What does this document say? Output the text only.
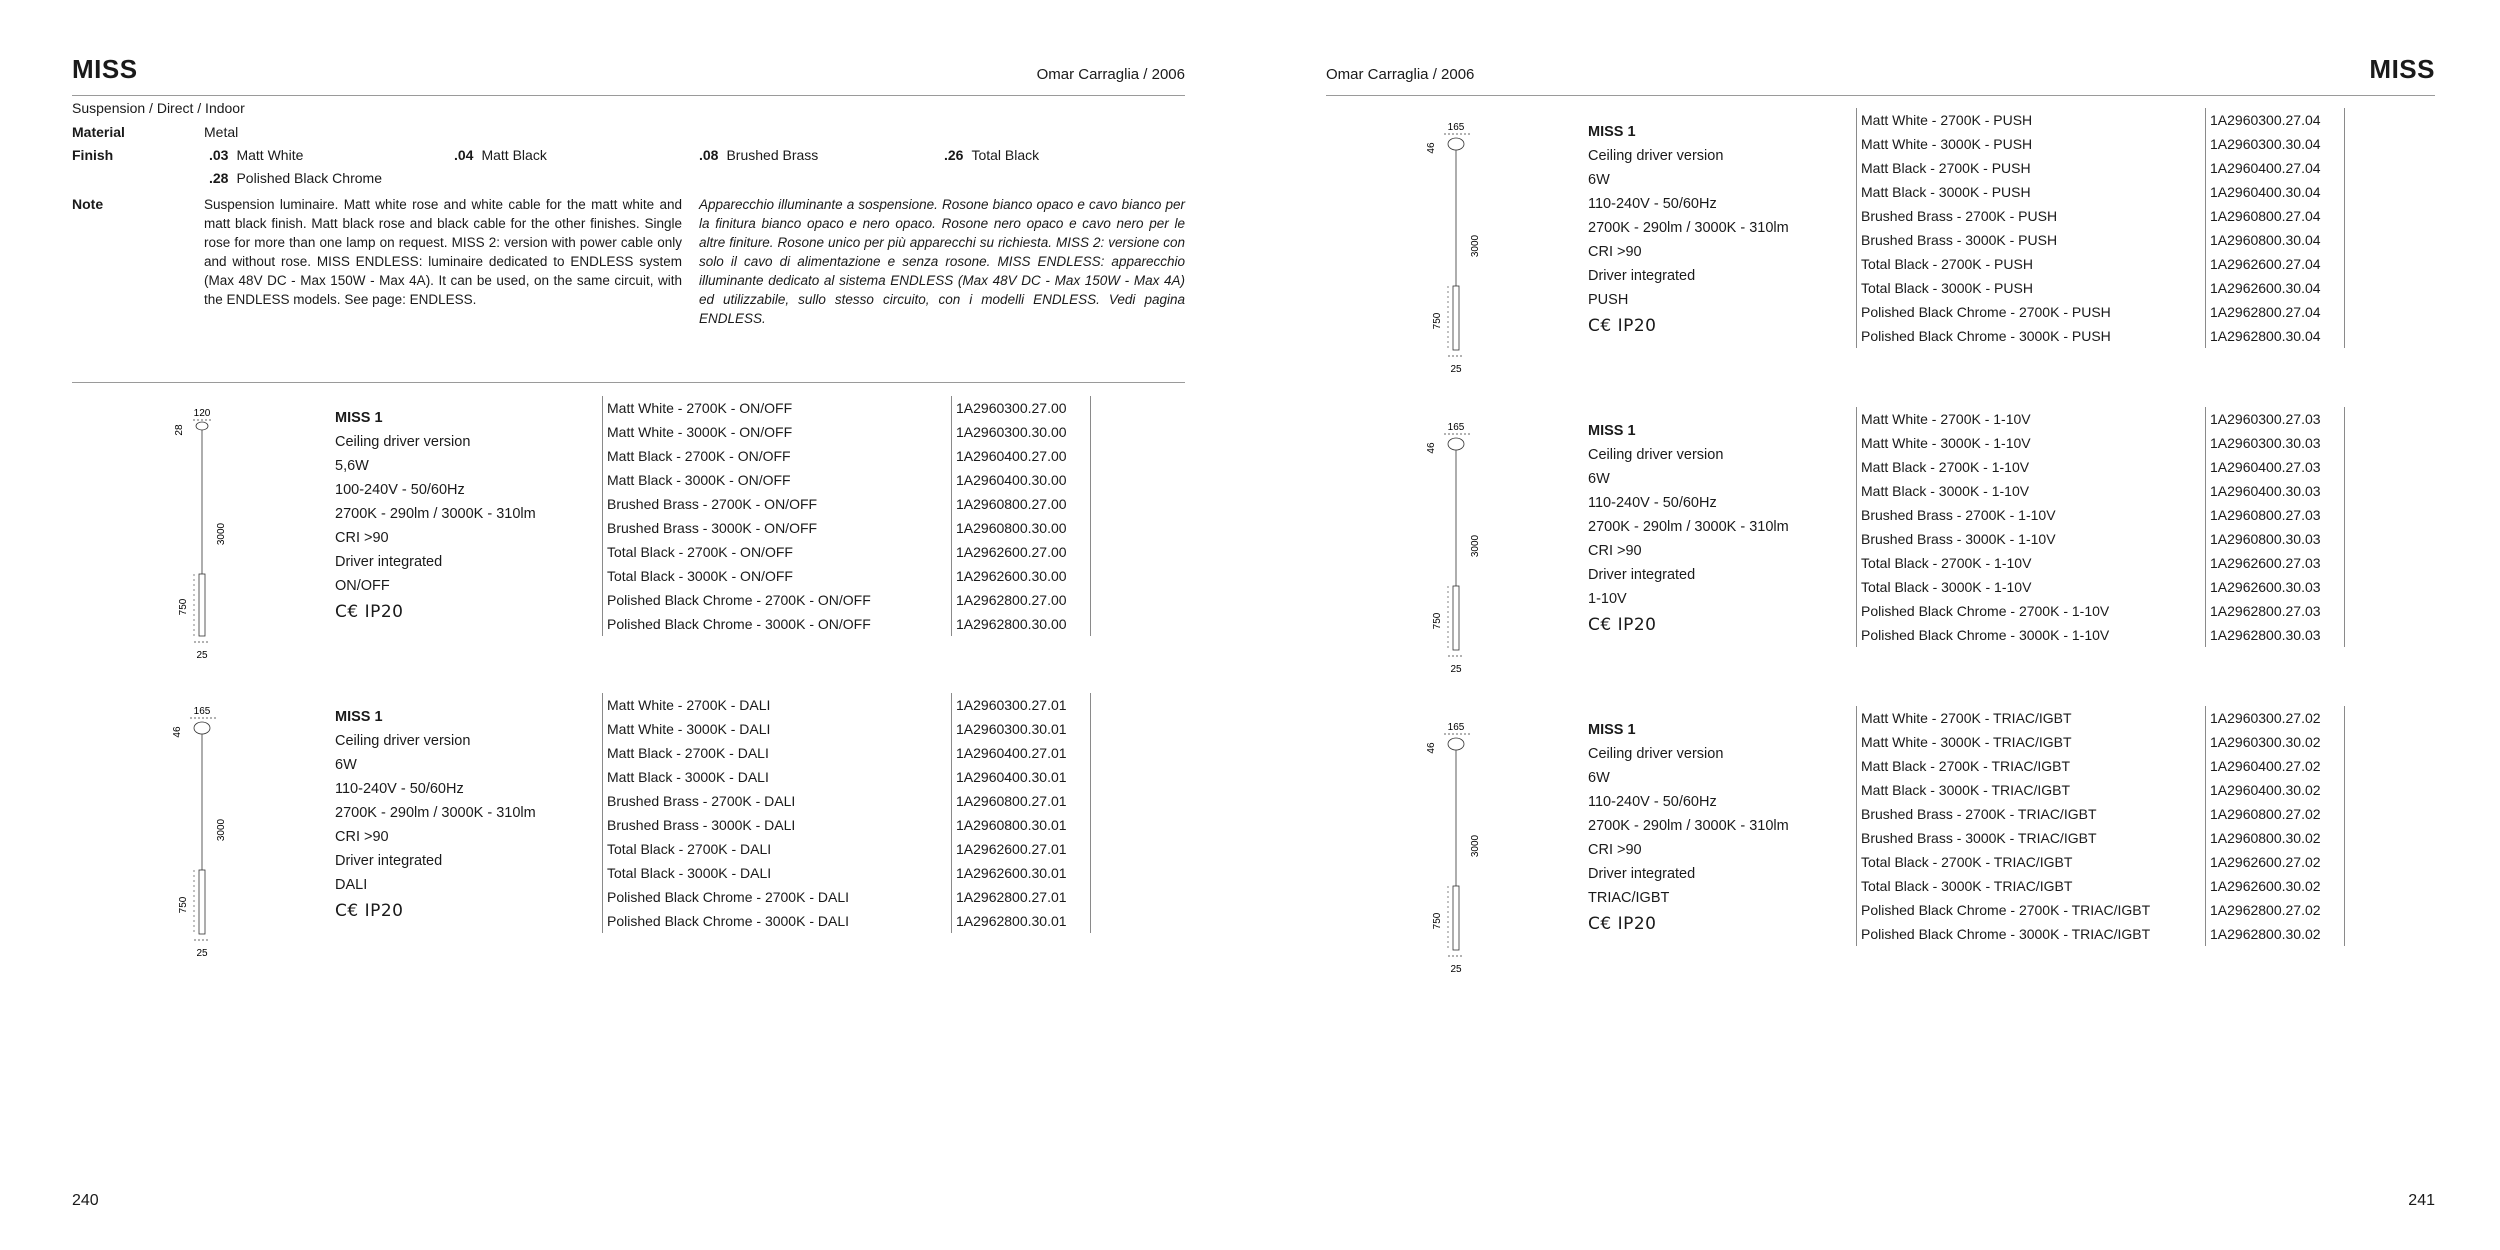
MISS	Omar Carraglia / 2006
Suspension / Direct / Indoor
Material	Metal
Finish	.03 Matt White	.04 Matt Black	.08 Brushed Brass	.26 Total Black
.28 Polished Black Chrome
Note	Suspension luminaire. Matt white rose and white cable for the matt white and matt black finish. Matt black rose and black cable for the other finishes. Single rose for more than one lamp on request. MISS 2: version with power cable only and without rose. MISS ENDLESS: luminaire dedicated to ENDLESS system (Max 48V DC - Max 150W - Max 4A). It can be used, on the same circuit, with the ENDLESS models. See page: ENDLESS.
Apparecchio illuminante a sospensione. Rosone bianco opaco e cavo bianco per la finitura bianco opaco e nero opaco. Rosone nero opaco e cavo nero per le altre finiture. Rosone unico per più apparecchi su richiesta. MISS 2: versione con solo il cavo di alimentazione e senza rosone. MISS ENDLESS: apparecchio illuminante dedicato al sistema ENDLESS (Max 48V DC - Max 150W - Max 4A) ed utilizzabile, sullo stesso circuito, con i modelli ENDLESS. Vedi pagina ENDLESS.
240
Omar Carraglia / 2006	MISS
241
120
28
3000
750
25
MISS 1
Ceiling driver version
5,6W
100-240V - 50/60Hz
2700K - 290lm / 3000K - 310lm
CRI >90
Driver integrated
ON/OFF
C€ IP20
Matt White - 2700K - ON/OFF	1A2960300.27.00
Matt White - 3000K - ON/OFF	1A2960300.30.00
Matt Black - 2700K - ON/OFF	1A2960400.27.00
Matt Black - 3000K - ON/OFF	1A2960400.30.00
Brushed Brass - 2700K - ON/OFF	1A2960800.27.00
Brushed Brass - 3000K - ON/OFF	1A2960800.30.00
Total Black - 2700K - ON/OFF	1A2962600.27.00
Total Black - 3000K - ON/OFF	1A2962600.30.00
Polished Black Chrome - 2700K - ON/OFF	1A2962800.27.00
Polished Black Chrome - 3000K - ON/OFF	1A2962800.30.00
165
46
3000
750
25
MISS 1
Ceiling driver version
6W
110-240V - 50/60Hz
2700K - 290lm / 3000K - 310lm
CRI >90
Driver integrated
DALI
C€ IP20
Matt White - 2700K - DALI	1A2960300.27.01
Matt White - 3000K - DALI	1A2960300.30.01
Matt Black - 2700K - DALI	1A2960400.27.01
Matt Black - 3000K - DALI	1A2960400.30.01
Brushed Brass - 2700K - DALI	1A2960800.27.01
Brushed Brass - 3000K - DALI	1A2960800.30.01
Total Black - 2700K - DALI	1A2962600.27.01
Total Black - 3000K - DALI	1A2962600.30.01
Polished Black Chrome - 2700K - DALI	1A2962800.27.01
Polished Black Chrome - 3000K - DALI	1A2962800.30.01
165
46
3000
750
25
MISS 1
Ceiling driver version
6W
110-240V - 50/60Hz
2700K - 290lm / 3000K - 310lm
CRI >90
Driver integrated
PUSH
C€ IP20
Matt White - 2700K - PUSH	1A2960300.27.04
Matt White - 3000K - PUSH	1A2960300.30.04
Matt Black - 2700K - PUSH	1A2960400.27.04
Matt Black - 3000K - PUSH	1A2960400.30.04
Brushed Brass - 2700K - PUSH	1A2960800.27.04
Brushed Brass - 3000K - PUSH	1A2960800.30.04
Total Black - 2700K - PUSH	1A2962600.27.04
Total Black - 3000K - PUSH	1A2962600.30.04
Polished Black Chrome - 2700K - PUSH	1A2962800.27.04
Polished Black Chrome - 3000K - PUSH	1A2962800.30.04
165
46
3000
750
25
MISS 1
Ceiling driver version
6W
110-240V - 50/60Hz
2700K - 290lm / 3000K - 310lm
CRI >90
Driver integrated
1-10V
C€ IP20
Matt White - 2700K - 1-10V	1A2960300.27.03
Matt White - 3000K - 1-10V	1A2960300.30.03
Matt Black - 2700K - 1-10V	1A2960400.27.03
Matt Black - 3000K - 1-10V	1A2960400.30.03
Brushed Brass - 2700K - 1-10V	1A2960800.27.03
Brushed Brass - 3000K - 1-10V	1A2960800.30.03
Total Black - 2700K - 1-10V	1A2962600.27.03
Total Black - 3000K - 1-10V	1A2962600.30.03
Polished Black Chrome - 2700K - 1-10V	1A2962800.27.03
Polished Black Chrome - 3000K - 1-10V	1A2962800.30.03
165
46
3000
750
25
MISS 1
Ceiling driver version
6W
110-240V - 50/60Hz
2700K - 290lm / 3000K - 310lm
CRI >90
Driver integrated
TRIAC/IGBT
C€ IP20
Matt White - 2700K - TRIAC/IGBT	1A2960300.27.02
Matt White - 3000K - TRIAC/IGBT	1A2960300.30.02
Matt Black - 2700K - TRIAC/IGBT	1A2960400.27.02
Matt Black - 3000K - TRIAC/IGBT	1A2960400.30.02
Brushed Brass - 2700K - TRIAC/IGBT	1A2960800.27.02
Brushed Brass - 3000K - TRIAC/IGBT	1A2960800.30.02
Total Black - 2700K - TRIAC/IGBT	1A2962600.27.02
Total Black - 3000K - TRIAC/IGBT	1A2962600.30.02
Polished Black Chrome - 2700K - TRIAC/IGBT	1A2962800.27.02
Polished Black Chrome - 3000K - TRIAC/IGBT	1A2962800.30.02
